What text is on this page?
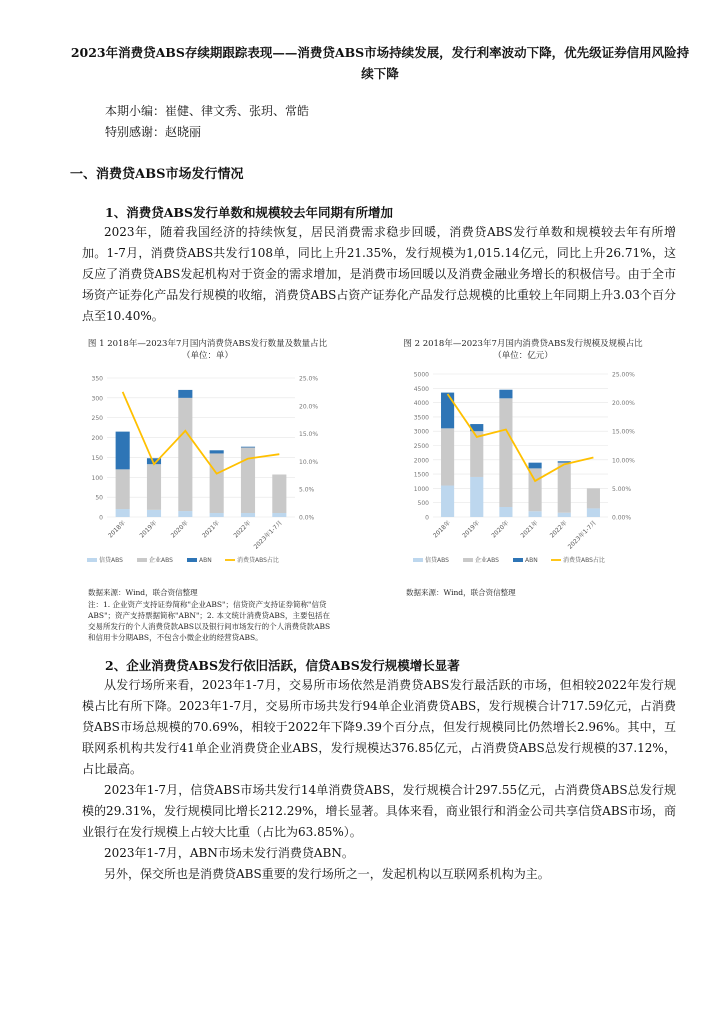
2023年消费贷ABS存续期跟踪表现——消费贷ABS市场持续发展，发行利率波动下降，优先级证券信用风险持续下降
本期小编：崔健、律文秀、张玥、常皓
特别感谢：赵晓丽
一、消费贷ABS市场发行情况
1、消费贷ABS发行单数和规模较去年同期有所增加
2023年，随着我国经济的持续恢复，居民消费需求稳步回暖，消费贷ABS发行单数和规模较去年有所增加。1-7月，消费贷ABS共发行108单，同比上升21.35%，发行规模为1,015.14亿元，同比上升26.71%，这反应了消费贷ABS发起机构对于资金的需求增加，是消费市场回暖以及消费金融业务增长的积极信号。由于全市场资产证券化产品发行规模的收缩，消费贷ABS占资产证券化产品发行总规模的比重较上年同期上升3.03个百分点至10.40%。
图 1 2018年—2023年7月国内消费贷ABS发行数量及数量占比（单位：单）
0
50
100
150
200
250
300
350
0.0%
5.0%
10.0%
15.0%
20.0%
25.0%
2018年 2019年 2020年 2021年 2022年 2023年1-7月
信贷ABS	企业ABS	ABN	消费贷ABS占比
数据来源：Wind，联合资信整理
注：1. 企业资产支持证券简称"企业ABS"；信贷资产支持证券简称"信贷ABS"；资产支持票据简称"ABN"；2. 本文统计消费贷ABS，主要包括在交易所发行的个人消费贷款ABS以及银行间市场发行的个人消费贷款ABS和信用卡分期ABS，不包含小微企业的经营贷ABS。
图 2 2018年—2023年7月国内消费贷ABS发行规模及规模占比（单位：亿元）
0
500
1000
1500
2000
2500
3000
3500
4000
4500
5000
0.00%
5.00%
10.00%
15.00%
20.00%
25.00%
2018年 2019年 2020年 2021年 2022年
2023年1-7月
信贷ABS	企业ABS	ABN	消费贷ABS占比
数据来源：Wind，联合资信整理
2、企业消费贷ABS发行依旧活跃，信贷ABS发行规模增长显著
从发行场所来看，2023年1-7月，交易所市场依然是消费贷ABS发行最活跃的市场，但相较2022年发行规模占比有所下降。2023年1-7月，交易所市场共发行94单企业消费贷ABS，发行规模合计717.59亿元，占消费贷ABS市场总规模的70.69%，相较于2022年下降9.39个百分点，但发行规模同比仍然增长2.96%。其中，互联网系机构共发行41单企业消费贷企业ABS，发行规模达376.85亿元，占消费贷ABS总发行规模的37.12%，占比最高。
2023年1-7月，信贷ABS市场共发行14单消费贷ABS，发行规模合计297.55亿元，占消费贷ABS总发行规模的29.31%，发行规模同比增长212.29%，增长显著。具体来看，商业银行和消金公司共享信贷ABS市场，商业银行在发行规模上占较大比重（占比为63.85%）。
2023年1-7月，ABN市场未发行消费贷ABN。
另外，保交所也是消费贷ABS重要的发行场所之一，发起机构以互联网系机构为主。
